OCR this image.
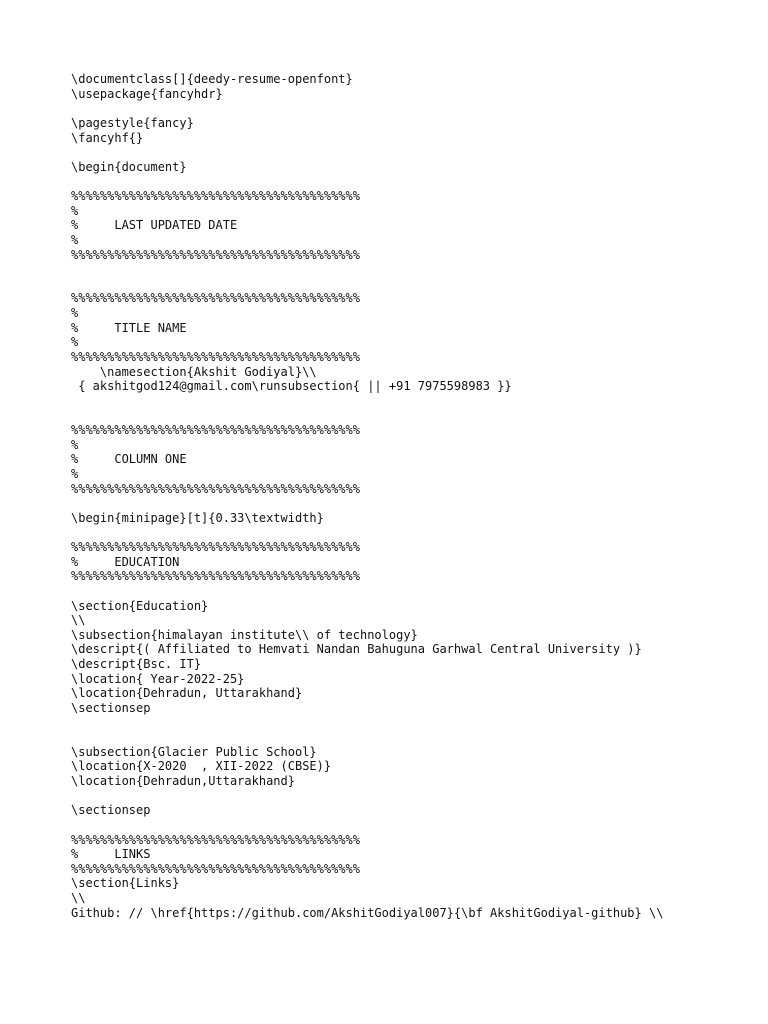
\documentclass[]{deedy-resume-openfont}
\usepackage{fancyhdr}
\pagestyle{fancy}
\fancyhf{}
\begin{document}
%%%%%%%%%%%%%%%%%%%%%%%%%%%%%%%%%%%%%%%%
%
%     LAST UPDATED DATE
%
%%%%%%%%%%%%%%%%%%%%%%%%%%%%%%%%%%%%%%%%
%%%%%%%%%%%%%%%%%%%%%%%%%%%%%%%%%%%%%%%%
%
%     TITLE NAME
%
%%%%%%%%%%%%%%%%%%%%%%%%%%%%%%%%%%%%%%%%
\namesection{Akshit Godiyal}\\
{ akshitgod124@gmail.com\runsubsection{ || +91 7975598983 }}
%%%%%%%%%%%%%%%%%%%%%%%%%%%%%%%%%%%%%%%%
%
%     COLUMN ONE
%
%%%%%%%%%%%%%%%%%%%%%%%%%%%%%%%%%%%%%%%%
\begin{minipage}[t]{0.33\textwidth}
%%%%%%%%%%%%%%%%%%%%%%%%%%%%%%%%%%%%%%%%
%     EDUCATION
%%%%%%%%%%%%%%%%%%%%%%%%%%%%%%%%%%%%%%%%
\section{Education}
\\
\subsection{himalayan institute\\ of technology}
\descript{( Affiliated to Hemvati Nandan Bahuguna Garhwal Central University )}
\descript{Bsc. IT}
\location{ Year-2022-25}
\location{Dehradun, Uttarakhand}
\sectionsep
\subsection{Glacier Public School}
\location{X-2020  , XII-2022 (CBSE)}
\location{Dehradun,Uttarakhand}
\sectionsep
%%%%%%%%%%%%%%%%%%%%%%%%%%%%%%%%%%%%%%%%
%     LINKS
%%%%%%%%%%%%%%%%%%%%%%%%%%%%%%%%%%%%%%%%
\section{Links}
\\
Github: // \href{https://github.com/AkshitGodiyal007}{\bf AkshitGodiyal-github} \\
